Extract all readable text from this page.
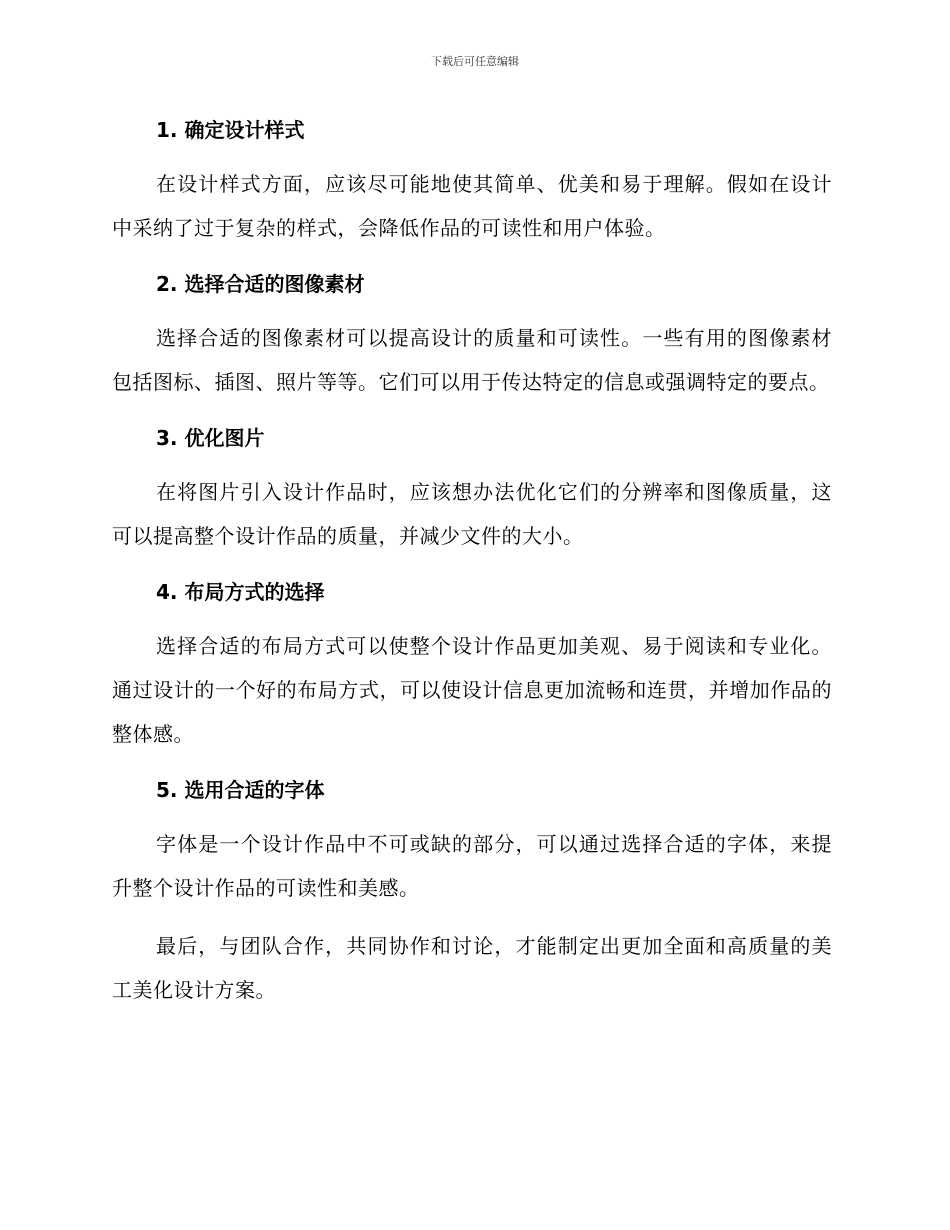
下载后可任意编辑
1. 确定设计样式

在设计样式方面，应该尽可能地使其简单、优美和易于理解。假如在设计中采纳了过于复杂的样式，会降低作品的可读性和用户体验。

2. 选择合适的图像素材

选择合适的图像素材可以提高设计的质量和可读性。一些有用的图像素材包括图标、插图、照片等等。它们可以用于传达特定的信息或强调特定的要点。

3. 优化图片

在将图片引入设计作品时，应该想办法优化它们的分辨率和图像质量，这可以提高整个设计作品的质量，并减少文件的大小。

4. 布局方式的选择

选择合适的布局方式可以使整个设计作品更加美观、易于阅读和专业化。通过设计的一个好的布局方式，可以使设计信息更加流畅和连贯，并增加作品的整体感。

5. 选用合适的字体

字体是一个设计作品中不可或缺的部分，可以通过选择合适的字体，来提升整个设计作品的可读性和美感。

最后，与团队合作，共同协作和讨论，才能制定出更加全面和高质量的美工美化设计方案。
